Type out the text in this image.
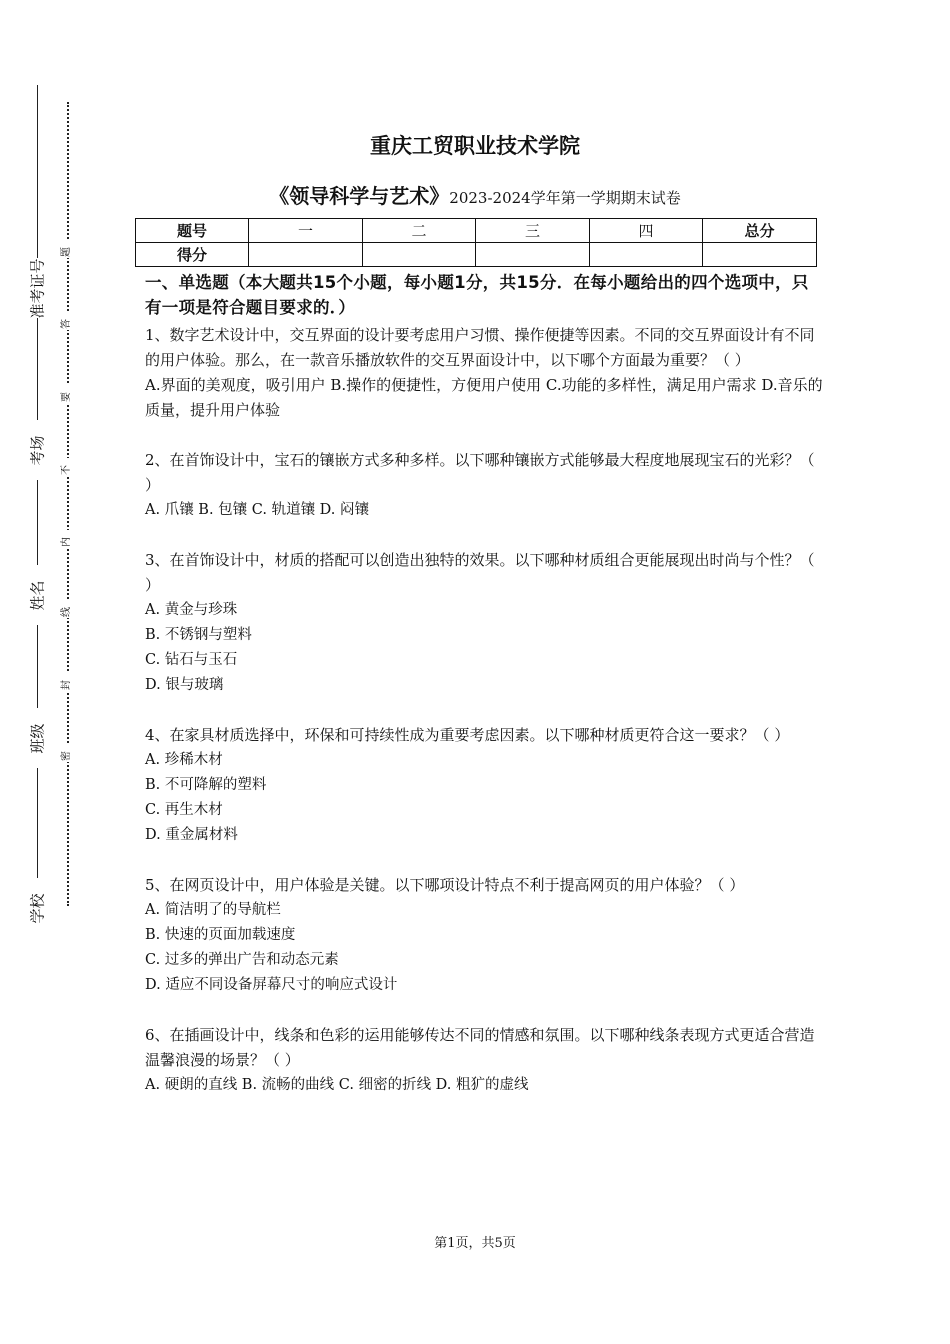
准考证号
考场
姓名
班级
学校
题
答
要
不
内
线
封
密
重庆工贸职业技术学院
《领导科学与艺术》2023-2024学年第一学期期末试卷
题号	一	二	三	四	总分
得分					

一、单选题（本大题共15个小题，每小题1分，共15分．在每小题给出的四个选项中，只有一项是符合题目要求的．）

1、数字艺术设计中，交互界面的设计要考虑用户习惯、操作便捷等因素。不同的交互界面设计有不同的用户体验。那么，在一款音乐播放软件的交互界面设计中，以下哪个方面最为重要？（ ）

A.界面的美观度，吸引用户 B.操作的便捷性，方便用户使用 C.功能的多样性，满足用户需求 D.音乐的质量，提升用户体验

2、在首饰设计中，宝石的镶嵌方式多种多样。以下哪种镶嵌方式能够最大程度地展现宝石的光彩？（ ）

A. 爪镶 B. 包镶 C. 轨道镶 D. 闷镶

3、在首饰设计中，材质的搭配可以创造出独特的效果。以下哪种材质组合更能展现出时尚与个性？（ ）

A. 黄金与珍珠

B. 不锈钢与塑料

C. 钻石与玉石

D. 银与玻璃

4、在家具材质选择中，环保和可持续性成为重要考虑因素。以下哪种材质更符合这一要求？（ ）

A. 珍稀木材

B. 不可降解的塑料

C. 再生木材

D. 重金属材料

5、在网页设计中，用户体验是关键。以下哪项设计特点不利于提高网页的用户体验？（ ）

A. 简洁明了的导航栏

B. 快速的页面加载速度

C. 过多的弹出广告和动态元素

D. 适应不同设备屏幕尺寸的响应式设计

6、在插画设计中，线条和色彩的运用能够传达不同的情感和氛围。以下哪种线条表现方式更适合营造温馨浪漫的场景？（ ）

A. 硬朗的直线 B. 流畅的曲线 C. 细密的折线 D. 粗犷的虚线

第1页，共5页
